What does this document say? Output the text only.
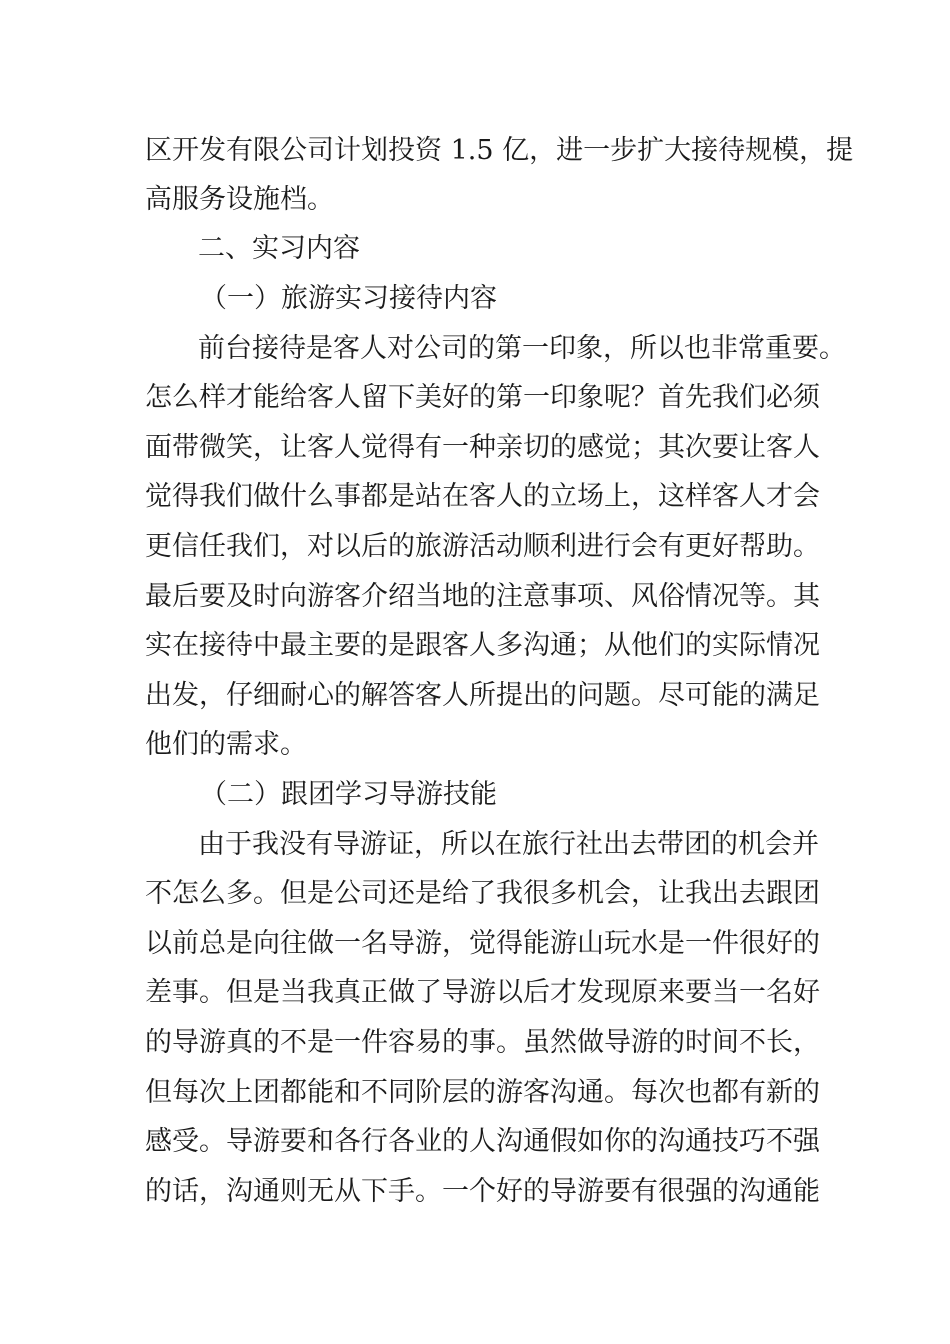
区开发有限公司计划投资 1.5 亿，进一步扩大接待规模，提
高服务设施档。
二、实习内容
（一）旅游实习接待内容
前台接待是客人对公司的第一印象，所以也非常重要。
怎么样才能给客人留下美好的第一印象呢？首先我们必须
面带微笑，让客人觉得有一种亲切的感觉；其次要让客人
觉得我们做什么事都是站在客人的立场上，这样客人才会
更信任我们，对以后的旅游活动顺利进行会有更好帮助。
最后要及时向游客介绍当地的注意事项、风俗情况等。其
实在接待中最主要的是跟客人多沟通；从他们的实际情况
出发，仔细耐心的解答客人所提出的问题。尽可能的满足
他们的需求。
（二）跟团学习导游技能
由于我没有导游证，所以在旅行社出去带团的机会并
不怎么多。但是公司还是给了我很多机会，让我出去跟团
以前总是向往做一名导游，觉得能游山玩水是一件很好的
差事。但是当我真正做了导游以后才发现原来要当一名好
的导游真的不是一件容易的事。虽然做导游的时间不长，
但每次上团都能和不同阶层的游客沟通。每次也都有新的
感受。导游要和各行各业的人沟通假如你的沟通技巧不强
的话，沟通则无从下手。一个好的导游要有很强的沟通能
